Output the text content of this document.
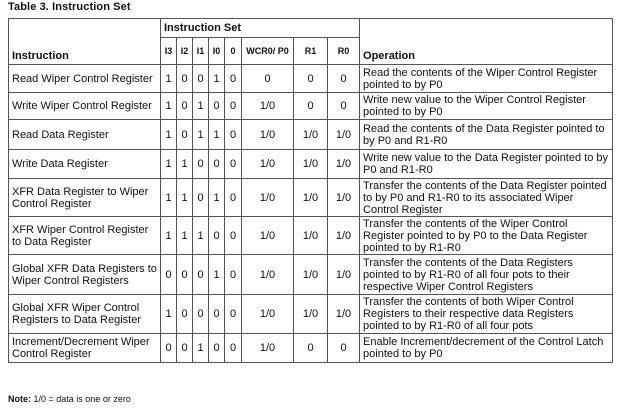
Table 3. Instruction Set
Instruction	Instruction Set								Operation
	I3	I2	I1	I0	0	WCR0/ P0	R1	R0	
Read Wiper Control Register	1	0	0	1	0	0	0	0	Read the contents of the Wiper Control Register pointed to by P0
Write Wiper Control Register	1	0	1	0	0	1/0	0	0	Write new value to the Wiper Control Register pointed to by P0
Read Data Register	1	0	1	1	0	1/0	1/0	1/0	Read the contents of the Data Register pointed to by P0 and R1-R0
Write Data Register	1	1	0	0	0	1/0	1/0	1/0	Write new value to the Data Register pointed to by P0 and R1-R0
XFR Data Register to Wiper Control Register	1	1	0	1	0	1/0	1/0	1/0	Transfer the contents of the Data Register pointed to by P0 and R1-R0 to its associated Wiper Control Register
XFR Wiper Control Register to Data Register	1	1	1	0	0	1/0	1/0	1/0	Transfer the contents of the Wiper Control Register pointed to by P0 to the Data Register pointed to by R1-R0
Global XFR Data Registers to Wiper Control Registers	0	0	0	1	0	1/0	1/0	1/0	Transfer the contents of the Data Registers pointed to by R1-R0 of all four pots to their respective Wiper Control Registers
Global XFR Wiper Control Registers to Data Register	1	0	0	0	0	1/0	1/0	1/0	Transfer the contents of both Wiper Control Registers to their respective data Registers pointed to by R1-R0 of all four pots
Increment/Decrement Wiper Control Register	0	0	1	0	0	1/0	0	0	Enable Increment/decrement of the Control Latch pointed to by P0
Note: 1/0 = data is one or zero
